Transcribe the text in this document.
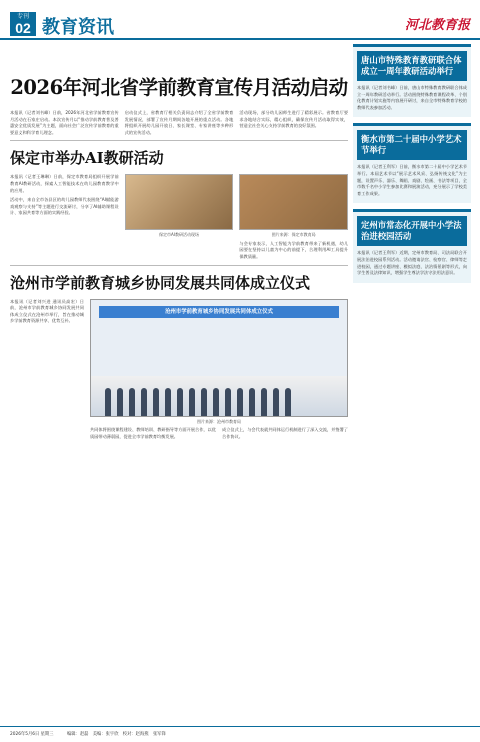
专刊
02 教育资讯	河北教育报
2026年河北省学前教育宣传月活动启动
本报讯（记者刘书峰）日前，2026年河北省学前教育宣传月活动在石家庄启动。本次宣传月以“推动学前教育普及普惠安全优质发展”为主题，面向社会广泛宣传学前教育的重要意义和科学育儿理念。
启动仪式上，省教育厅相关负责同志介绍了全省学前教育发展情况，部署了宣传月期间各地开展的重点活动。各地将组织开展幼儿园开放日、家长课堂、专家讲座等多种形式的宣传活动。
活动现场，部分幼儿园师生进行了精彩展示。省教育厅要求各地结合实际，精心组织，确保宣传月活动取得实效，营造全社会关心支持学前教育的良好氛围。
保定市举办AI教研活动
本报讯（记者王琳琳）日前，保定市教育局组织开展学前教育AI教研活动，探索人工智能技术在幼儿园教育教学中的应用。
活动中，来自全市各县区的幼儿园教师代表围绕“AI赋能游戏观察与支持”等主题进行交流研讨，分享了AI辅助课程设计、家园共育等方面的实践经验。
保定市AI教研活动现场	图片来源：保定市教育局
与会专家表示，人工智能为学前教育带来了新机遇，幼儿园要在坚持以儿童为中心的前提下，合理利用AI工具提升保教质量。
沧州市学前教育城乡协同发展共同体成立仪式
本报讯（记者刘兴进 通讯员高宏）日前，沧州市学前教育城乡协同发展共同体成立仪式在沧州市举行，旨在推动城乡学前教育资源共享、优势互补。
沧州市学前教育城乡协同发展共同体成立仪式
图片来源：沧州市教育局
共同体将围绕课程建设、教师培训、教研指导等方面开展合作，以优质园带动薄弱园，促进全市学前教育均衡发展。
成立仪式上，与会代表就共同体运行机制进行了深入交流，并签署了合作协议。
唐山市特殊教育教研联合体成立一周年教研活动举行
本报讯（记者刘书峰）日前，唐山市特殊教育教研联合体成立一周年教研活动举行。活动围绕特殊教育课程改革、个别化教育计划实施等内容展开研讨，来自全市特殊教育学校的教师代表参加活动。
衡水市第二十届中小学艺术节举行
本报讯（记者王利军）日前，衡水市第二十届中小学艺术节举行。本届艺术节以“展示艺术风采、弘扬传统文化”为主题，设置声乐、器乐、舞蹈、戏剧、绘画、书法等项目，全市数千名中小学生参加比赛和展演活动，充分展示了学校美育工作成果。
定州市常态化开展中小学法治进校园活动
本报讯（记者王利军）近期，定州市教育局、司法局联合开展法治进校园系列活动。活动邀请法官、检察官、律师等走进校园，通过专题讲座、模拟法庭、法治情景剧等形式，向学生普及法律知识，增强学生尊法学法守法用法意识。
2026年5月6日 星期三	编辑：赵磊　美编：张宇欣　校对：赵海燕　张军锋
